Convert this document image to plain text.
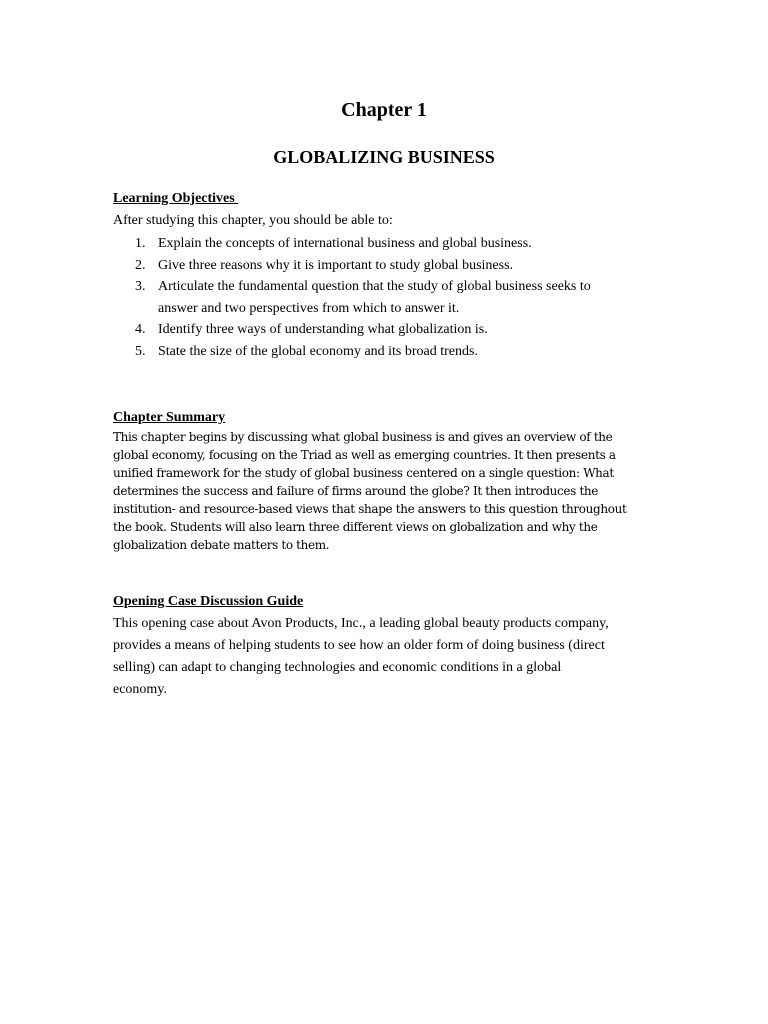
Chapter 1
GLOBALIZING BUSINESS
Learning Objectives
After studying this chapter, you should be able to:
1. Explain the concepts of international business and global business.
2. Give three reasons why it is important to study global business.
3. Articulate the fundamental question that the study of global business seeks to
answer and two perspectives from which to answer it.
4. Identify three ways of understanding what globalization is.
5. State the size of the global economy and its broad trends.
Chapter Summary
This chapter begins by discussing what global business is and gives an overview of the
global economy, focusing on the Triad as well as emerging countries. It then presents a
unified framework for the study of global business centered on a single question: What
determines the success and failure of firms around the globe? It then introduces the
institution- and resource-based views that shape the answers to this question throughout
the book. Students will also learn three different views on globalization and why the
globalization debate matters to them.
Opening Case Discussion Guide
This opening case about Avon Products, Inc., a leading global beauty products company,
provides a means of helping students to see how an older form of doing business (direct
selling) can adapt to changing technologies and economic conditions in a global
economy.
